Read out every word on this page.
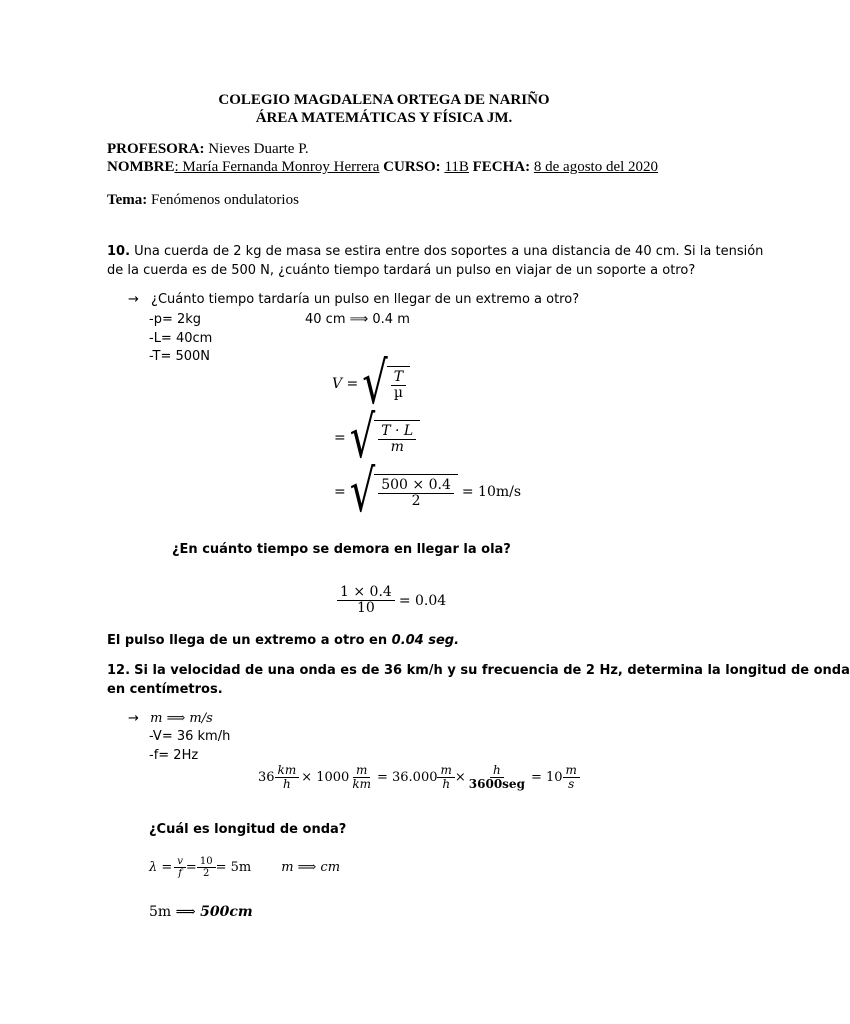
COLEGIO MAGDALENA ORTEGA DE NARIÑO
ÁREA MATEMÁTICAS Y FÍSICA JM.
PROFESORA: Nieves Duarte P.
NOMBRE: María Fernanda Monroy Herrera CURSO: 11B FECHA: 8 de agosto del 2020
Tema: Fenómenos ondulatorios
10. Una cuerda de 2 kg de masa se estira entre dos soportes a una distancia de 40 cm. Si la tensión
de la cuerda es de 500 N, ¿cuánto tiempo tardará un pulso en viajar de un soporte a otro?
→ ¿Cuánto tiempo tardaría un pulso en llegar de un extremo a otro?
-p= 2kg	40 cm ⟹ 0.4 m
-L= 40cm
-T= 500N
V = √ $\frac{T}{\text{µ}}$
= √ $\frac{T \cdot L}{m}$
= √ $\frac{500 \times 0.4}{2} = 10m/s$
¿En cuánto tiempo se demora en llegar la ola?
$\frac{1 \times 0.4}{10} = 0.04$
El pulso llega de un extremo a otro en 0.04 seg.
12. Si la velocidad de una onda es de 36 km/h y su frecuencia de 2 Hz, determina la longitud de onda
en centímetros.
→ m ⟹ m/s
-V= 36 km/h
-f= 2Hz
$36 \frac{km}{h} \times 1000 \frac{m}{km} = 36.000 \frac{m}{h} \times \frac{h}{\text{3600seg}} = 10 \frac{m}{s}$
¿Cuál es longitud de onda?
$\lambda = \frac{v}{f} = \frac{10}{2} = 5m$ m ⟹ cm
5m ⟹ 500cm
